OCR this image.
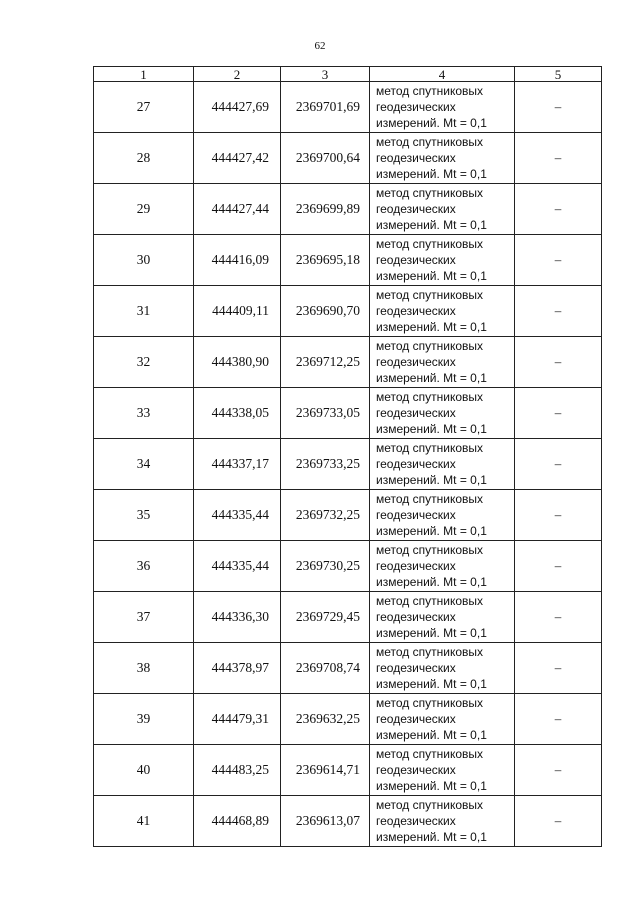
62
1	2	3	4	5
27	444427,69	2369701,69	метод спутниковых
геодезических
измерений. Mt = 0,1	–
28	444427,42	2369700,64	метод спутниковых
геодезических
измерений. Mt = 0,1	–
29	444427,44	2369699,89	метод спутниковых
геодезических
измерений. Mt = 0,1	–
30	444416,09	2369695,18	метод спутниковых
геодезических
измерений. Mt = 0,1	–
31	444409,11	2369690,70	метод спутниковых
геодезических
измерений. Mt = 0,1	–
32	444380,90	2369712,25	метод спутниковых
геодезических
измерений. Mt = 0,1	–
33	444338,05	2369733,05	метод спутниковых
геодезических
измерений. Mt = 0,1	–
34	444337,17	2369733,25	метод спутниковых
геодезических
измерений. Mt = 0,1	–
35	444335,44	2369732,25	метод спутниковых
геодезических
измерений. Mt = 0,1	–
36	444335,44	2369730,25	метод спутниковых
геодезических
измерений. Mt = 0,1	–
37	444336,30	2369729,45	метод спутниковых
геодезических
измерений. Mt = 0,1	–
38	444378,97	2369708,74	метод спутниковых
геодезических
измерений. Mt = 0,1	–
39	444479,31	2369632,25	метод спутниковых
геодезических
измерений. Mt = 0,1	–
40	444483,25	2369614,71	метод спутниковых
геодезических
измерений. Mt = 0,1	–
41	444468,89	2369613,07	метод спутниковых
геодезических
измерений. Mt = 0,1	–
